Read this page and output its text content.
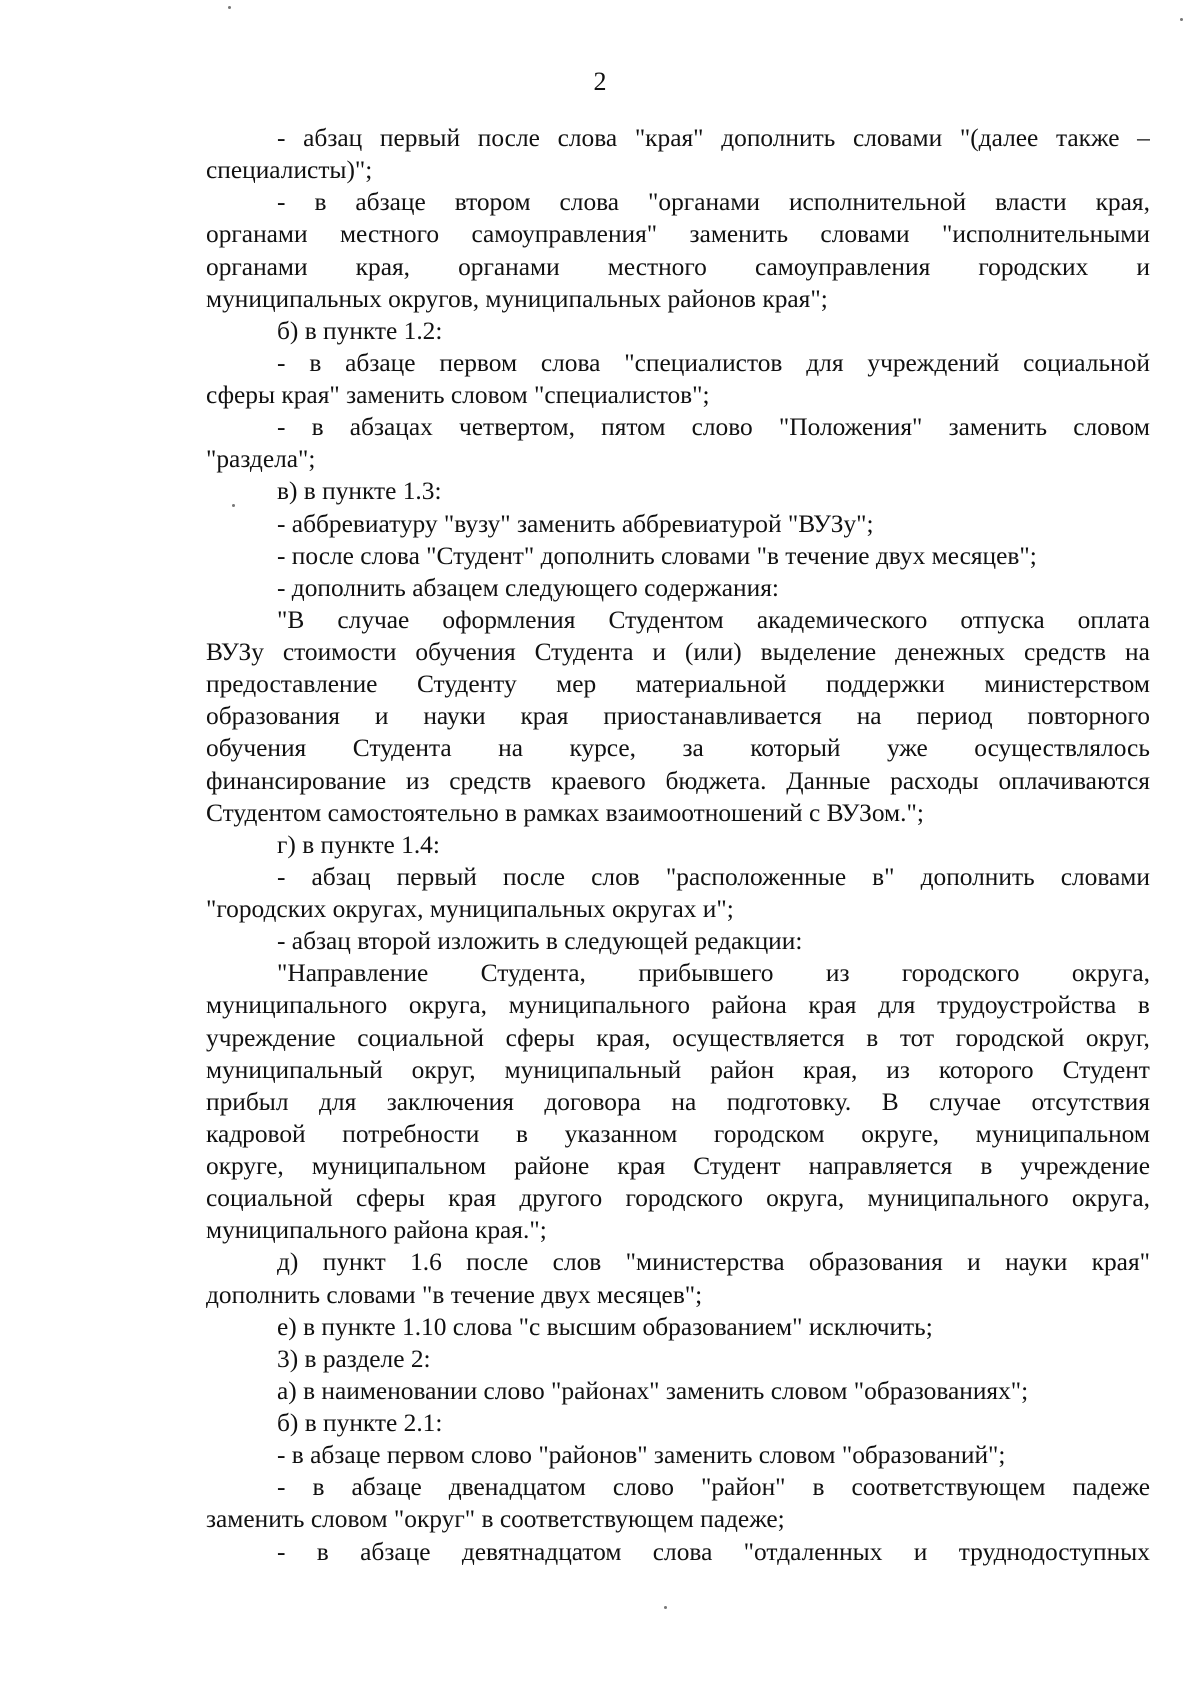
2
- абзац первый после слова "края" дополнить словами "(далее также –
специалисты)";
- в абзаце втором слова "органами исполнительной власти края,
органами местного самоуправления" заменить словами "исполнительными
органами края, органами местного самоуправления городских и
муниципальных округов, муниципальных районов края";
б) в пункте 1.2:
- в абзаце первом слова "специалистов для учреждений социальной
сферы края" заменить словом "специалистов";
- в абзацах четвертом, пятом слово "Положения" заменить словом
"раздела";
в) в пункте 1.3:
- аббревиатуру "вузу" заменить аббревиатурой "ВУЗу";
- после слова "Студент" дополнить словами "в течение двух месяцев";
- дополнить абзацем следующего содержания:
"В случае оформления Студентом академического отпуска оплата
ВУЗу стоимости обучения Студента и (или) выделение денежных средств на
предоставление Студенту мер материальной поддержки министерством
образования и науки края приостанавливается на период повторного
обучения Студента на курсе, за который уже осуществлялось
финансирование из средств краевого бюджета. Данные расходы оплачиваются
Студентом самостоятельно в рамках взаимоотношений с ВУЗом.";
г) в пункте 1.4:
- абзац первый после слов "расположенные в" дополнить словами
"городских округах, муниципальных округах и";
- абзац второй изложить в следующей редакции:
"Направление Студента, прибывшего из городского округа,
муниципального округа, муниципального района края для трудоустройства в
учреждение социальной сферы края, осуществляется в тот городской округ,
муниципальный округ, муниципальный район края, из которого Студент
прибыл для заключения договора на подготовку. В случае отсутствия
кадровой потребности в указанном городском округе, муниципальном
округе, муниципальном районе края Студент направляется в учреждение
социальной сферы края другого городского округа, муниципального округа,
муниципального района края.";
д) пункт 1.6 после слов "министерства образования и науки края"
дополнить словами "в течение двух месяцев";
е) в пункте 1.10 слова "с высшим образованием" исключить;
3) в разделе 2:
а) в наименовании слово "районах" заменить словом "образованиях";
б) в пункте 2.1:
- в абзаце первом слово "районов" заменить словом "образований";
- в абзаце двенадцатом слово "район" в соответствующем падеже
заменить словом "округ" в соответствующем падеже;
- в абзаце девятнадцатом слова "отдаленных и труднодоступных
